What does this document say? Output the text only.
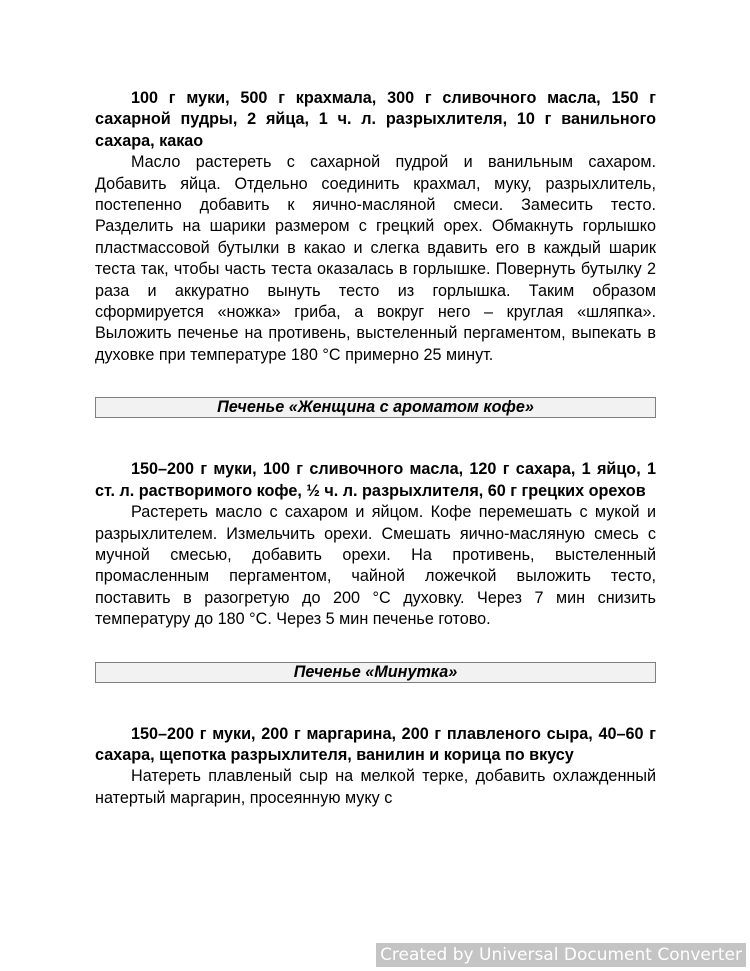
100 г муки, 500 г крахмала, 300 г сливочного масла, 150 г сахарной пудры, 2 яйца, 1 ч. л. разрыхлителя, 10 г ванильного сахара, какао

Масло растереть с сахарной пудрой и ванильным сахаром. Добавить яйца. Отдельно соединить крахмал, муку, разрыхлитель, постепенно добавить к яично-масляной смеси. Замесить тесто. Разделить на шарики размером с грецкий орех. Обмакнуть горлышко пластмассовой бутылки в какао и слегка вдавить его в каждый шарик теста так, чтобы часть теста оказалась в горлышке. Повернуть бутылку 2 раза и аккуратно вынуть тесто из горлышка. Таким образом сформируется «ножка» гриба, а вокруг него – круглая «шляпка». Выложить печенье на противень, выстеленный пергаментом, выпекать в духовке при температуре 180 °C примерно 25 минут.

Печенье «Женщина с ароматом кофе»

150–200 г муки, 100 г сливочного масла, 120 г сахара, 1 яйцо, 1 ст. л. растворимого кофе, ½ ч. л. разрыхлителя, 60 г грецких орехов

Растереть масло с сахаром и яйцом. Кофе перемешать с мукой и разрыхлителем. Измельчить орехи. Смешать яично-масляную смесь с мучной смесью, добавить орехи. На противень, выстеленный промасленным пергаментом, чайной ложечкой выложить тесто, поставить в разогретую до 200 °C духовку. Через 7 мин снизить температуру до 180 °C. Через 5 мин печенье готово.

Печенье «Минутка»

150–200 г муки, 200 г маргарина, 200 г плавленого сыра, 40–60 г сахара, щепотка разрыхлителя, ванилин и корица по вкусу

Натереть плавленый сыр на мелкой терке, добавить охлажденный натертый маргарин, просеянную муку с

Created by Universal Document Converter
